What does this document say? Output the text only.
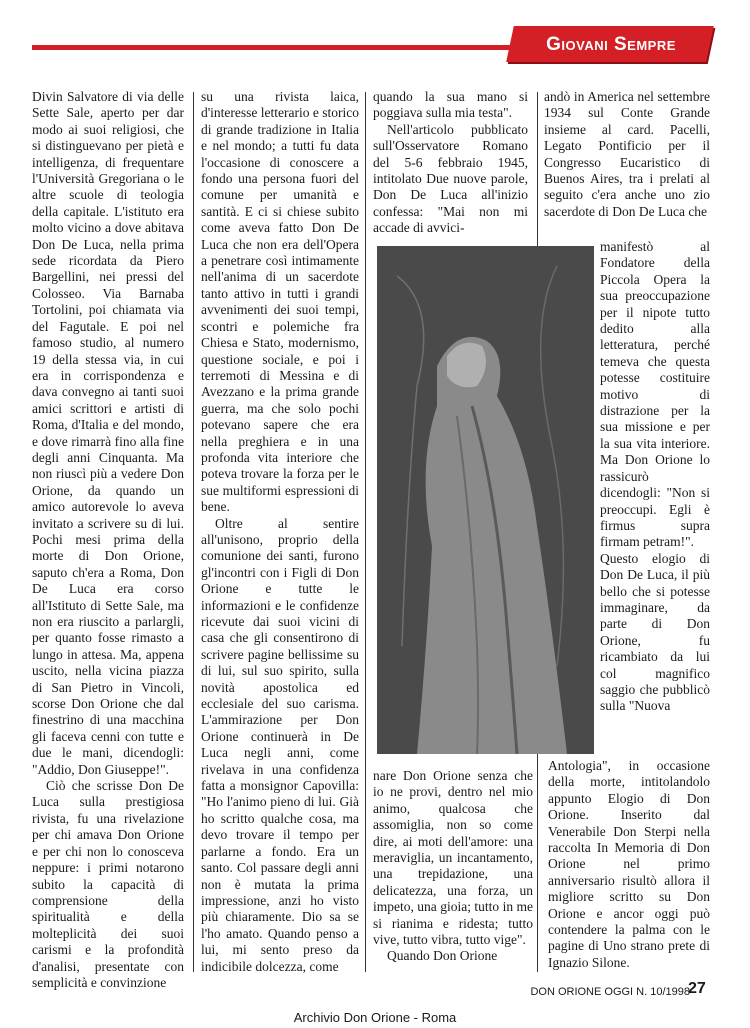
Giovani Sempre

Divin Salvatore di via delle Sette Sale, aperto per dar modo ai suoi religiosi, che si distinguevano per pietà e intelligenza, di frequentare l'Università Gregoriana o le altre scuole di teologia della capitale. L'istituto era molto vicino a dove abitava Don De Luca, nella prima sede ricordata da Piero Bargellini, nei pressi del Colosseo. Via Barnaba Tortolini, poi chiamata via del Fagutale. E poi nel famoso studio, al numero 19 della stessa via, in cui era in corrispondenza e dava convegno ai tanti suoi amici scrittori e artisti di Roma, d'Italia e del mondo, e dove rimarrà fino alla fine degli anni Cinquanta. Ma non riuscì più a vedere Don Orione, da quando un amico autorevole lo aveva invitato a scrivere su di lui. Pochi mesi prima della morte di Don Orione, saputo ch'era a Roma, Don De Luca era corso all'Istituto di Sette Sale, ma non era riuscito a parlargli, per quanto fosse rimasto a lungo in attesa. Ma, appena uscito, nella vicina piazza di San Pietro in Vincoli, scorse Don Orione che dal finestrino di una macchina gli faceva cenni con tutte e due le mani, dicendogli: "Addio, Don Giuseppe!".

Ciò che scrisse Don De Luca sulla prestigiosa rivista, fu una rivelazione per chi amava Don Orione e per chi non lo conosceva neppure: i primi notarono subito la capacità di comprensione della spiritualità e della molteplicità dei suoi carismi e la profondità d'analisi, presentate con semplicità e convinzione

su una rivista laica, d'interesse letterario e storico di grande tradizione in Italia e nel mondo; a tutti fu data l'occasione di conoscere a fondo una persona fuori del comune per umanità e santità. E ci si chiese subito come aveva fatto Don De Luca che non era dell'Opera a penetrare così intimamente nell'anima di un sacerdote tanto attivo in tutti i grandi avvenimenti dei suoi tempi, scontri e polemiche fra Chiesa e Stato, modernismo, questione sociale, e poi i terremoti di Messina e di Avezzano e la prima grande guerra, ma che solo pochi potevano sapere che era nella preghiera e in una profonda vita interiore che poteva trovare la forza per le sue multiformi espressioni di bene.

Oltre al sentire all'unisono, proprio della comunione dei santi, furono gl'incontri con i Figli di Don Orione e tutte le informazioni e le confidenze ricevute dai suoi vicini di casa che gli consentirono di scrivere pagine bellissime su di lui, sul suo spirito, sulla novità apostolica ed ecclesiale del suo carisma. L'ammirazione per Don Orione continuerà in De Luca negli anni, come rivelava in una confidenza fatta a monsignor Capovilla: "Ho l'animo pieno di lui. Già ho scritto qualche cosa, ma devo trovare il tempo per parlarne a fondo. Era un santo. Col passare degli anni non è mutata la prima impressione, anzi ho visto più chiaramente. Dio sa se l'ho amato. Quando penso a lui, mi sento preso da indicibile dolcezza, come

quando la sua mano si poggiava sulla mia testa".

Nell'articolo pubblicato sull'Osservatore Romano del 5-6 febbraio 1945, intitolato Due nuove parole, Don De Luca all'inizio confessa: "Mai non mi accade di avvici-

nare Don Orione senza che io ne provi, dentro nel mio animo, qualcosa che assomiglia, non so come dire, ai moti dell'amore: una meraviglia, un incantamento, una trepidazione, una delicatezza, una forza, un impeto, una gioia; tutto in me si rianima e ridesta; tutto vive, tutto vibra, tutto vige".

Quando Don Orione

andò in America nel settembre 1934 sul Conte Grande insieme al card. Pacelli, Legato Pontificio per il Congresso Eucaristico di Buenos Aires, tra i prelati al seguito c'era anche uno zio sacerdote di Don De Luca che

manifestò al Fondatore della Piccola Opera la sua preoccupazione per il nipote tutto dedito alla letteratura, perché temeva che questa potesse costituire motivo di distrazione per la sua missione e per la sua vita interiore. Ma Don Orione lo rassicurò dicendogli: "Non si preoccupi. Egli è firmus supra firmam petram!".

Questo elogio di Don De Luca, il più bello che si potesse immaginare, da parte di Don Orione, fu ricambiato da lui col magnifico saggio che pubblicò sulla "Nuova

Antologia", in occasione della morte, intitolandolo appunto Elogio di Don Orione. Inserito dal Venerabile Don Sterpi nella raccolta In Memoria di Don Orione nel primo anniversario risultò allora il migliore scritto su Don Orione e ancor oggi può contendere la palma con le pagine di Uno strano prete di Ignazio Silone.

DON ORIONE OGGI N. 10/1998
27
Archivio Don Orione - Roma
